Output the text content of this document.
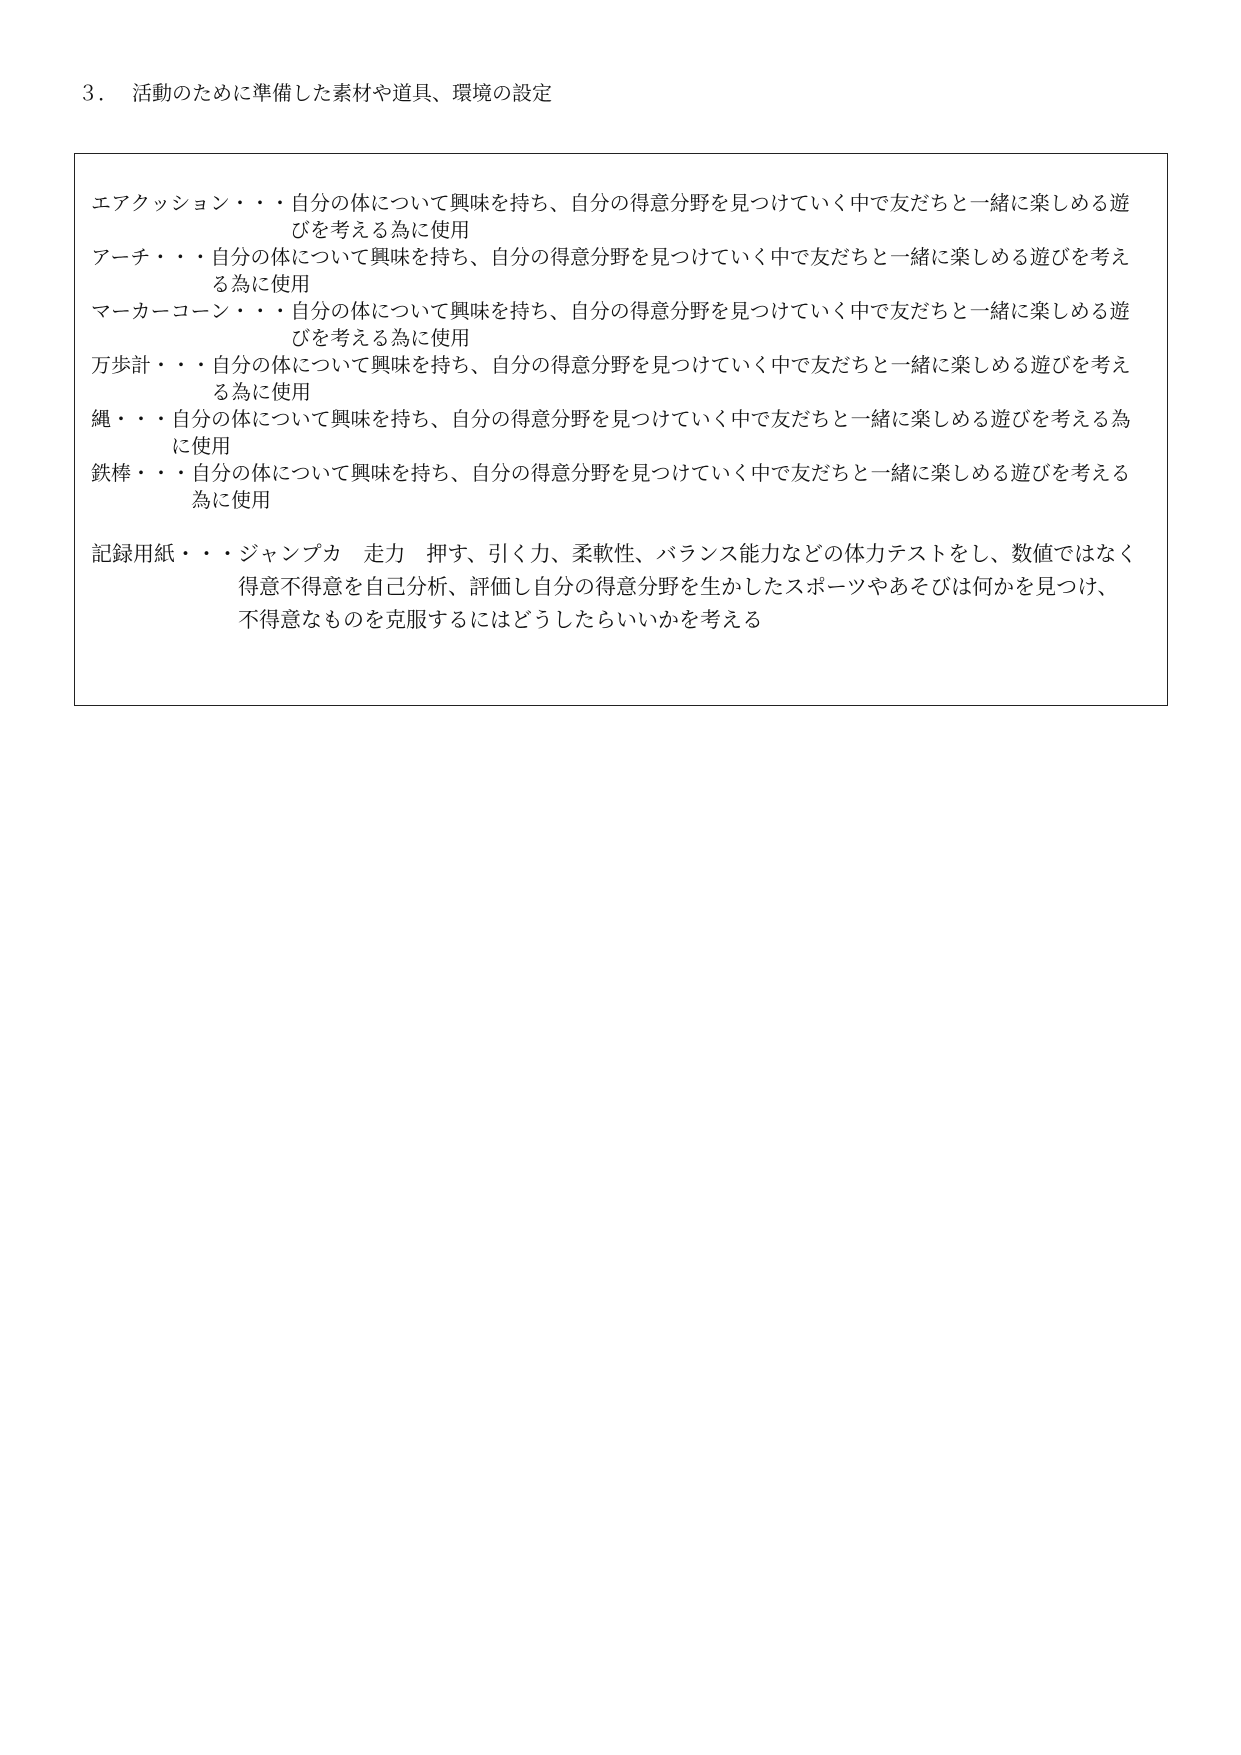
３． 活動のために準備した素材や道具、環境の設定
エアクッション・・・ 自分の体について興味を持ち、自分の得意分野を見つけていく中で友だちと一緒に楽しめる遊びを考える為に使用
アーチ・・・ 自分の体について興味を持ち、自分の得意分野を見つけていく中で友だちと一緒に楽しめる遊びを考える為に使用
マーカーコーン・・・ 自分の体について興味を持ち、自分の得意分野を見つけていく中で友だちと一緒に楽しめる遊びを考える為に使用
万歩計・・・ 自分の体について興味を持ち、自分の得意分野を見つけていく中で友だちと一緒に楽しめる遊びを考える為に使用
縄・・・ 自分の体について興味を持ち、自分の得意分野を見つけていく中で友だちと一緒に楽しめる遊びを考える為に使用
鉄棒・・・ 自分の体について興味を持ち、自分の得意分野を見つけていく中で友だちと一緒に楽しめる遊びを考える為に使用
記録用紙・・・ ジャンプカ　走力　押す、引く力、柔軟性、バランス能力などの体力テストをし、数値ではなく得意不得意を自己分析、評価し自分の得意分野を生かしたスポーツやあそびは何かを見つけ、不得意なものを克服するにはどうしたらいいかを考える
